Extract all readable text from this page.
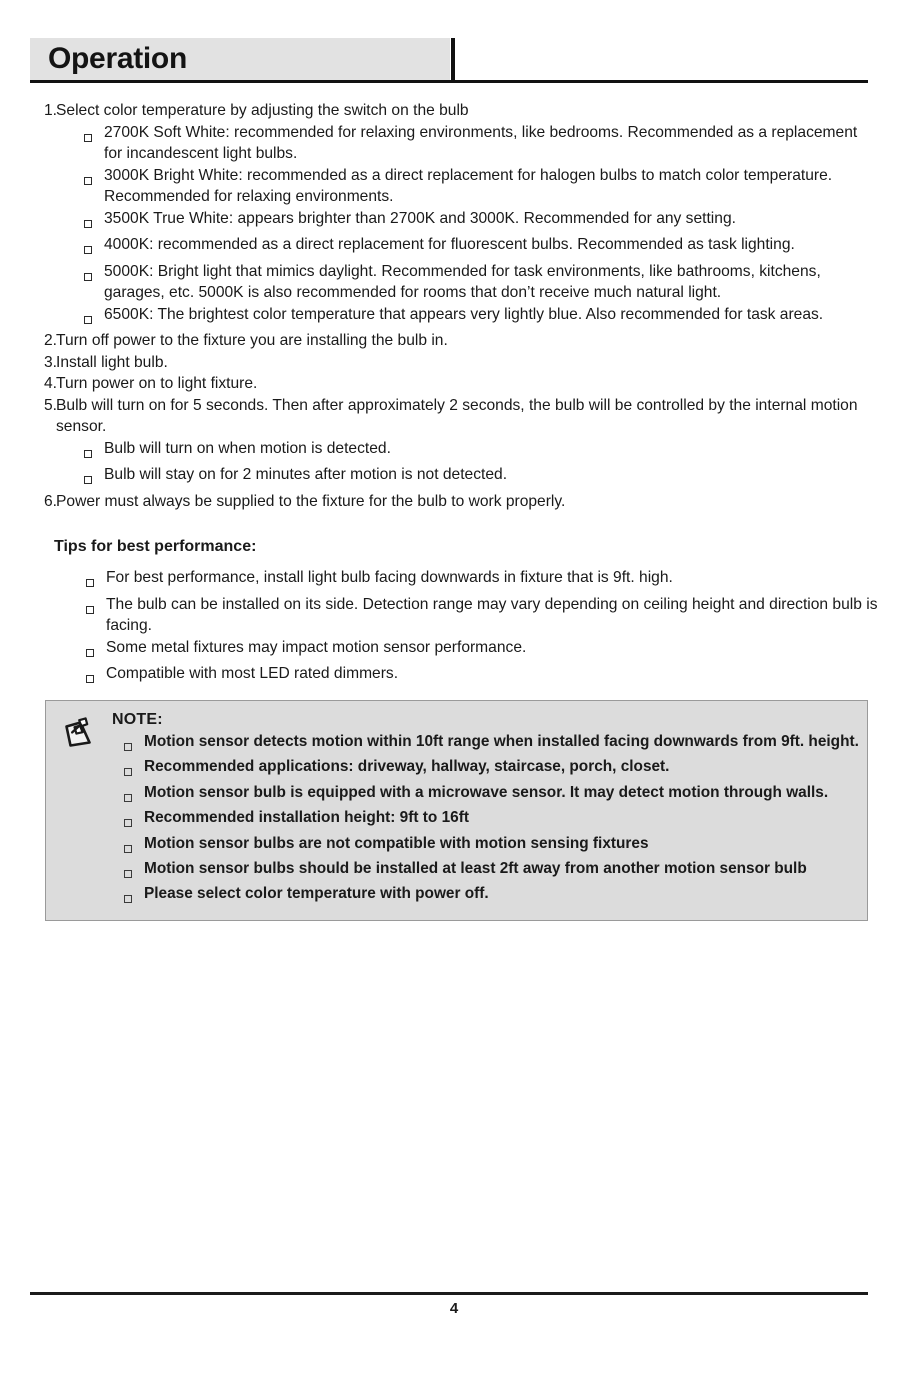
Operation
1.
Select color temperature by adjusting the switch on the bulb
2700K Soft White: recommended for relaxing environments, like bedrooms. Recommended as a replacement for incandescent light bulbs.
3000K Bright White: recommended as a direct replacement for halogen bulbs to match color temperature. Recommended for relaxing environments.
3500K True White: appears brighter than 2700K and 3000K. Recommended for any setting.
4000K: recommended as a direct replacement for fluorescent bulbs. Recommended as task lighting.
5000K: Bright light that mimics daylight. Recommended for task environments, like bathrooms, kitchens, garages, etc. 5000K is also recommended for rooms that don’t receive much natural light.
6500K: The brightest color temperature that appears very lightly blue. Also recommended for task areas.
2.
Turn off power to the fixture you are installing the bulb in.
3.
Install light bulb.
4.
Turn power on to light fixture.
5.
Bulb will turn on for 5 seconds. Then after approximately 2 seconds, the bulb will be controlled by the internal motion sensor.
Bulb will turn on when motion is detected.
Bulb will stay on for 2 minutes after motion is not detected.
6.
Power must always be supplied to the fixture for the bulb to work properly.
Tips for best performance:
For best performance, install light bulb facing downwards in fixture that is 9ft. high.
The bulb can be installed on its side. Detection range may vary depending on ceiling height and direction bulb is facing.
Some metal fixtures may impact motion sensor performance.
Compatible with most LED rated dimmers.
NOTE:
Motion sensor detects motion within 10ft range when installed facing downwards from 9ft. height.
Recommended applications: driveway, hallway, staircase, porch, closet.
Motion sensor bulb is equipped with a microwave sensor. It may detect motion through walls.
Recommended installation height: 9ft to 16ft
Motion sensor bulbs are not compatible with motion sensing fixtures
Motion sensor bulbs should be installed at least 2ft away from another motion sensor bulb
Please select color temperature with power off.
4
